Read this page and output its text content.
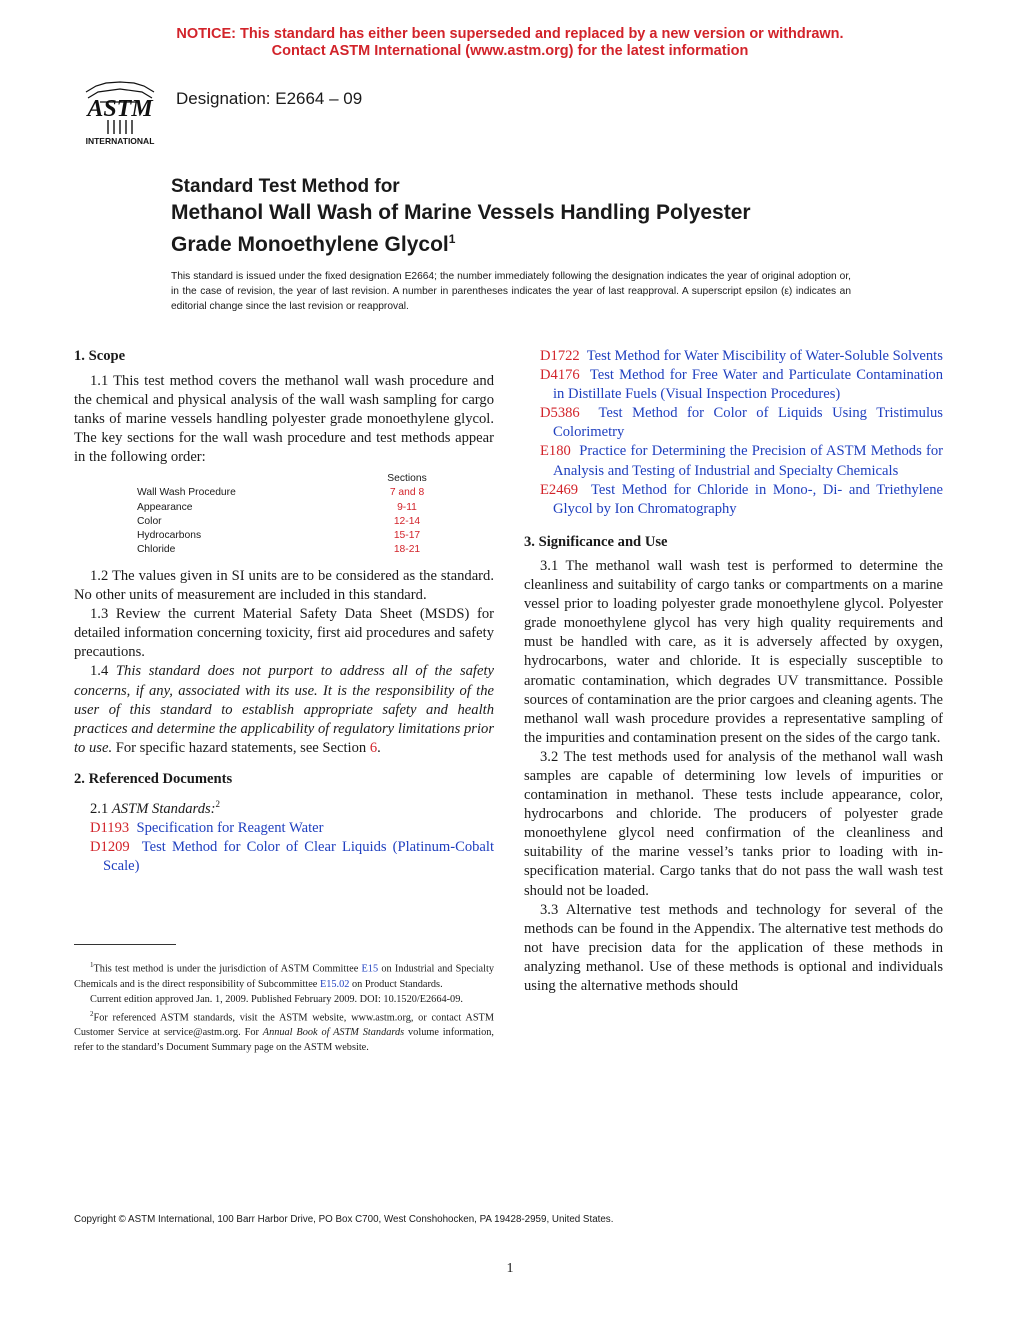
NOTICE: This standard has either been superseded and replaced by a new version or withdrawn.
Contact ASTM International (www.astm.org) for the latest information
ASTM
INTERNATIONAL
Designation: E2664 – 09
Standard Test Method for
Methanol Wall Wash of Marine Vessels Handling Polyester
Grade Monoethylene Glycol$^1$
This standard is issued under the fixed designation E2664; the number immediately following the designation indicates the year of original adoption or, in the case of revision, the year of last revision. A number in parentheses indicates the year of last reapproval. A superscript epsilon (ε) indicates an editorial change since the last revision or reapproval.

1. Scope

1.1 This test method covers the methanol wall wash procedure and the chemical and physical analysis of the wall wash sampling for cargo tanks of marine vessels handling polyester grade monoethylene glycol. The key sections for the wall wash procedure and test methods appear in the following order:

Sections
Wall Wash Procedure	7 and 8
Appearance	9-11
Color	12-14
Hydrocarbons	15-17
Chloride	18-21

1.2 The values given in SI units are to be considered as the standard. No other units of measurement are included in this standard.

1.3 Review the current Material Safety Data Sheet (MSDS) for detailed information concerning toxicity, first aid procedures and safety precautions.

1.4 This standard does not purport to address all of the safety concerns, if any, associated with its use. It is the responsibility of the user of this standard to establish appropriate safety and health practices and determine the applicability of regulatory limitations prior to use. For specific hazard statements, see Section 6.

2. Referenced Documents

2.1 ASTM Standards:$^2$

D1193 Specification for Reagent Water

D1209 Test Method for Color of Clear Liquids (Platinum-Cobalt Scale)

$^1$This test method is under the jurisdiction of ASTM Committee E15 on Industrial and Specialty Chemicals and is the direct responsibility of Subcommittee E15.02 on Product Standards.

Current edition approved Jan. 1, 2009. Published February 2009. DOI: 10.1520/E2664-09.

$^2$For referenced ASTM standards, visit the ASTM website, www.astm.org, or contact ASTM Customer Service at service@astm.org. For Annual Book of ASTM Standards volume information, refer to the standard’s Document Summary page on the ASTM website.

D1722 Test Method for Water Miscibility of Water-Soluble Solvents

D4176 Test Method for Free Water and Particulate Contamination in Distillate Fuels (Visual Inspection Procedures)

D5386 Test Method for Color of Liquids Using Tristimulus Colorimetry

E180 Practice for Determining the Precision of ASTM Methods for Analysis and Testing of Industrial and Specialty Chemicals

E2469 Test Method for Chloride in Mono-, Di- and Triethylene Glycol by Ion Chromatography

3. Significance and Use

3.1 The methanol wall wash test is performed to determine the cleanliness and suitability of cargo tanks or compartments on a marine vessel prior to loading polyester grade monoethylene glycol. Polyester grade monoethylene glycol has very high quality requirements and must be handled with care, as it is adversely affected by oxygen, hydrocarbons, water and chloride. It is especially susceptible to aromatic contamination, which degrades UV transmittance. Possible sources of contamination are the prior cargoes and cleaning agents. The methanol wall wash procedure provides a representative sampling of the impurities and contamination present on the sides of the cargo tank.

3.2 The test methods used for analysis of the methanol wall wash samples are capable of determining low levels of impurities or contamination in methanol. These tests include appearance, color, hydrocarbons and chloride. The producers of polyester grade monoethylene glycol need confirmation of the cleanliness and suitability of the marine vessel’s tanks prior to loading with in-specification material. Cargo tanks that do not pass the wall wash test should not be loaded.

3.3 Alternative test methods and technology for several of the methods can be found in the Appendix. The alternative test methods do not have precision data for the application of these methods in analyzing methanol. Use of these methods is optional and individuals using the alternative methods should

Copyright © ASTM International, 100 Barr Harbor Drive, PO Box C700, West Conshohocken, PA 19428-2959, United States.
1
